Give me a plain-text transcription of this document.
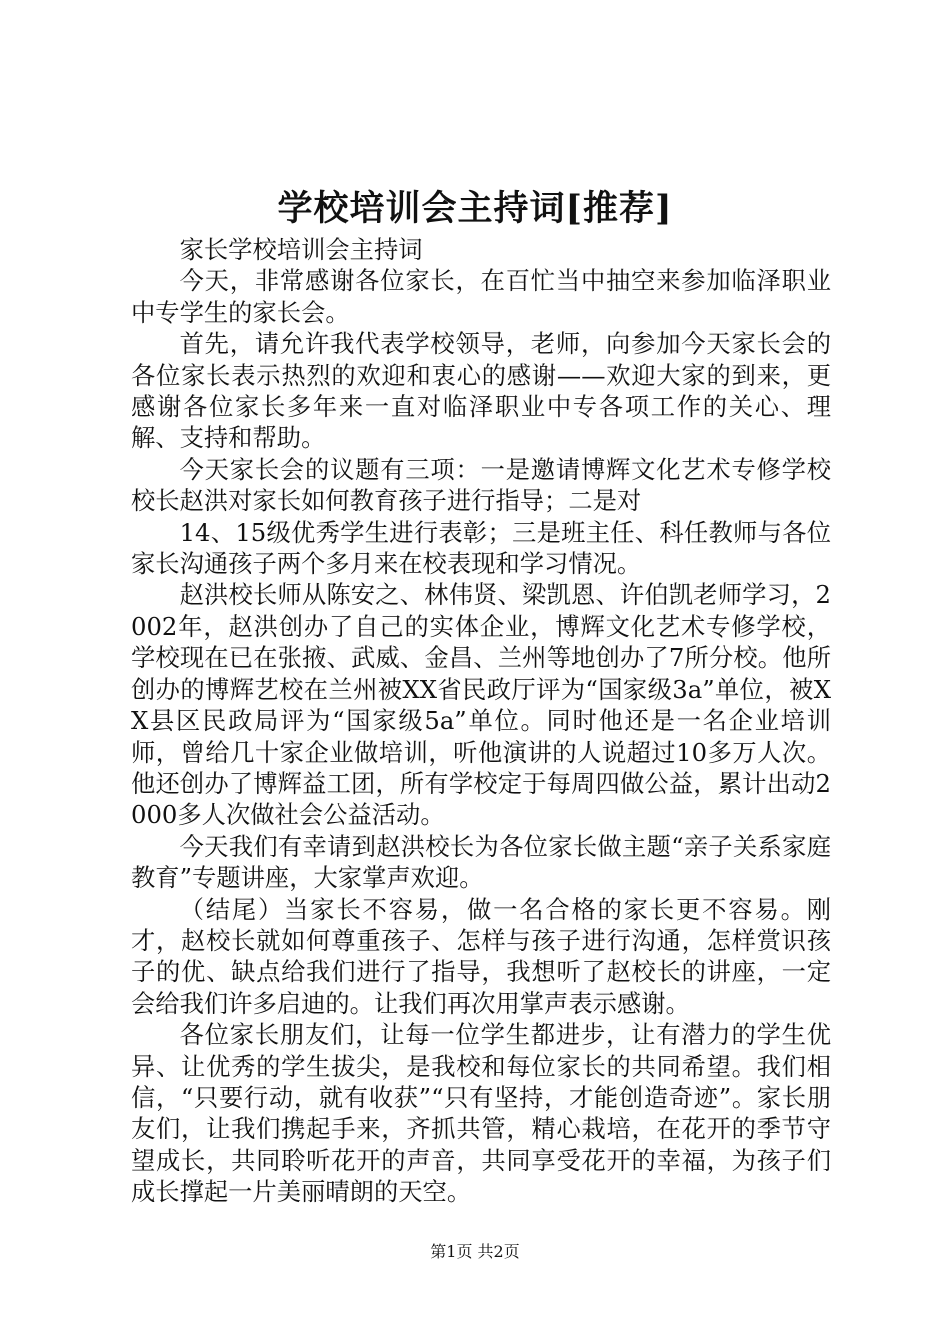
学校培训会主持词[推荐]

家长学校培训会主持词

今天，非常感谢各位家长，在百忙当中抽空来参加临泽职业中专学生的家长会。

首先，请允许我代表学校领导，老师，向参加今天家长会的各位家长表示热烈的欢迎和衷心的感谢——欢迎大家的到来，更感谢各位家长多年来一直对临泽职业中专各项工作的关心、理解、支持和帮助。

今天家长会的议题有三项：一是邀请博辉文化艺术专修学校校长赵洪对家长如何教育孩子进行指导；二是对

14、15级优秀学生进行表彰；三是班主任、科任教师与各位家长沟通孩子两个多月来在校表现和学习情况。

赵洪校长师从陈安之、林伟贤、梁凯恩、许伯凯老师学习，2002年，赵洪创办了自己的实体企业，博辉文化艺术专修学校，学校现在已在张掖、武威、金昌、兰州等地创办了7所分校。他所创办的博辉艺校在兰州被XX省民政厅评为“国家级3a”单位，被XX县区民政局评为“国家级5a”单位。同时他还是一名企业培训师，曾给几十家企业做培训，听他演讲的人说超过10多万人次。他还创办了博辉益工团，所有学校定于每周四做公益，累计出动2000多人次做社会公益活动。

今天我们有幸请到赵洪校长为各位家长做主题“亲子关系家庭教育”专题讲座，大家掌声欢迎。

（结尾）当家长不容易，做一名合格的家长更不容易。刚才，赵校长就如何尊重孩子、怎样与孩子进行沟通，怎样赏识孩子的优、缺点给我们进行了指导，我想听了赵校长的讲座，一定会给我们许多启迪的。让我们再次用掌声表示感谢。

各位家长朋友们，让每一位学生都进步，让有潜力的学生优异、让优秀的学生拔尖，是我校和每位家长的共同希望。我们相信，“只要行动，就有收获”“只有坚持，才能创造奇迹”。家长朋友们，让我们携起手来，齐抓共管，精心栽培，在花开的季节守望成长，共同聆听花开的声音，共同享受花开的幸福，为孩子们成长撑起一片美丽晴朗的天空。

第1页 共2页
